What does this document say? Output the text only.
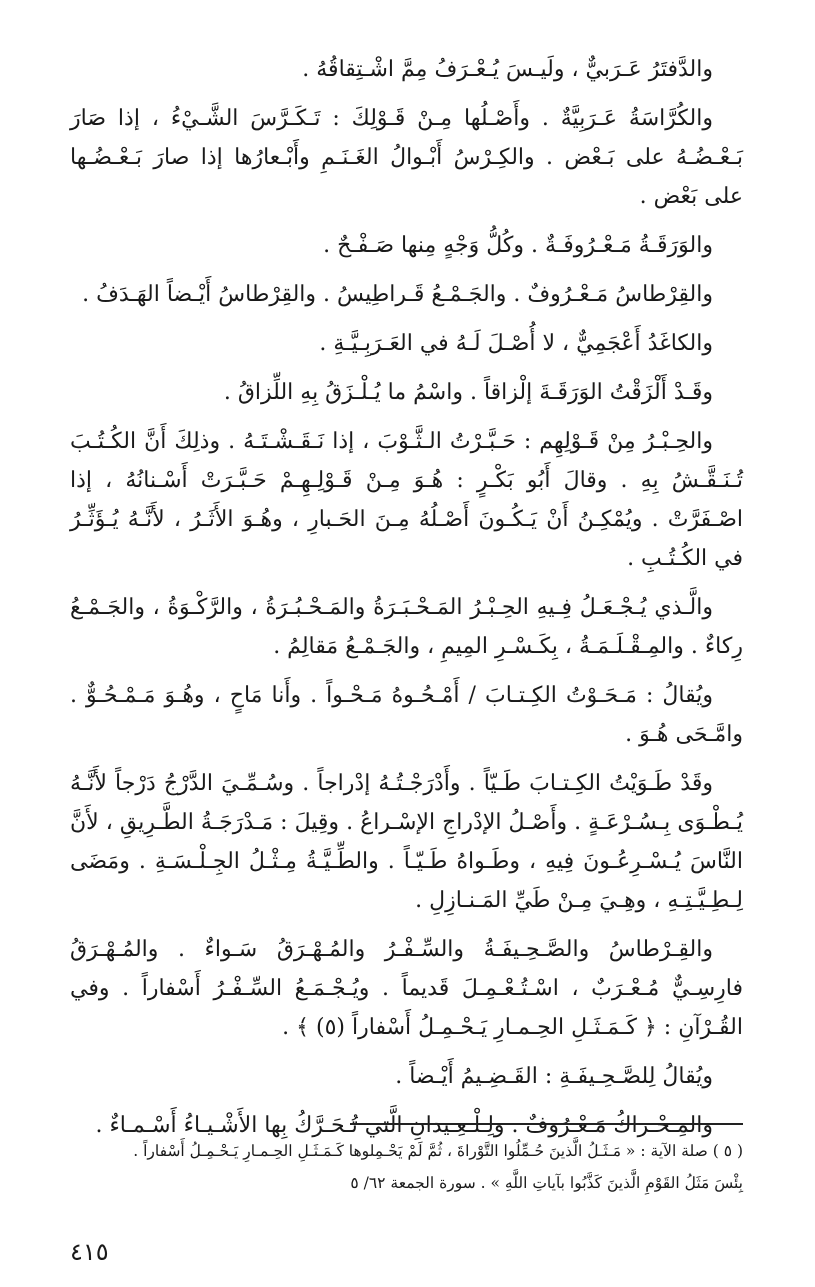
والدَّفتَرُ عَـرَبيٌّ ، ولَيـسَ يُـعْـرَفُ مِمَّ اشْـتِقاقُهُ .

والكُرَّاسَةُ عَـرَبِيَّةٌ . وأَصْـلُها مِـنْ قَـوْلِكَ : تَـكَـرَّسَ الشَّـيْءُ ، إذا صَارَ بَـعْـضُـهُ على بَـعْض . والكِـرْسُ أَبْـوالُ الغَـنَـمِ وأَبْـعارُها إذا صارَ بَـعْـضُـها على بَعْض .

والوَرَقَـةُ مَـعْـرُوفَـةٌ . وكُلُّ وَجْهٍ مِنها صَـفْـحٌ .

والقِرْطاسُ مَـعْـرُوفٌ . والجَـمْـعُ قَـراطِيسُ . والقِرْطاسُ أَيْـضاً الهَـدَفُ .

والكاغَدُ أَعْجَمِيٌّ ، لا أُصْـلَ لَـهُ في العَـرَبِـيَّـةِ .

وقَـدْ أَلْزَقْتُ الوَرَقَـةَ إلْزاقاً . واسْمُ ما يُـلْـزَقُ بِهِ اللِّزاقُ .

والحِـبْـرُ مِنْ قَـوْلِهِم : حَـبَّـرْتُ الـثَّـوْبَ ، إذا نَـقَـشْـتَـهُ . وذلِكَ أَنَّ الكُـتُـبَ تُـنَـقَّـشُ بِهِ . وقالَ أَبُو بَكْـرٍ : هُـوَ مِـنْ قَـوْلِـهِـمْ حَـبَّـرَتْ أَسْـنانُهُ ، إذا اصْـفَرَّتْ . ويُمْكِـنُ أَنْ يَـكُـونَ أَصْـلُهُ مِـنَ الحَـبارِ ، وهُـوَ الأَثَـرُ ، لأَنَّـهُ يُـؤَثِّـرُ في الكُـتُـبِ .

والَّـذي يُـجْـعَـلُ فِـيهِ الحِـبْـرُ المَـحْـبَـرَةُ والمَـحْـبُـرَةُ ، والرَّكْـوَةُ ، والجَـمْـعُ رِكاءٌ . والمِـقْـلَـمَـةُ ، بِكَـسْـرِ المِيمِ ، والجَـمْـعُ مَقالِمُ .

ويُقالُ : مَـحَـوْتُ الكِـتـابَ / أَمْـحُـوهُ مَـحْـواً . وأَنا مَاحٍ ، وهُـوَ مَـمْـحُـوٌّ . وامَّـحَى هُـوَ .

وقَدْ طَـوَيْتُ الكِـتـابَ طَـيّاً . وأَدْرَجْـتُـهُ إدْراجاً . وسُـمِّـيَ الدَّرْجُ دَرْجاً لأَنَّـهُ يُـطْـوَى بِـسُـرْعَـةٍ . وأَصْـلُ الإدْراجِ الإسْـراعُ . وقِيلَ : مَـدْرَجَـةُ الطَّـرِيقِ ، لأَنَّ النَّاسَ يُـسْـرِعُـونَ فِيهِ ، وطَـواهُ طَـيّـاً . والطِّـيَّـةُ مِـثْـلُ الجِـلْـسَـةِ . ومَضَى لِـطِـيَّـتِـهِ ، وهِـيَ مِـنْ طَيِّ المَـنـازِلِ .

والقِـرْطاسُ والصَّـحِـيفَـةُ والسِّـفْـرُ والمُـهْـرَقُ سَـواءٌ . والمُـهْـرَقُ فارِسِـيٌّ مُـعْـرَبٌ ، اسْـتُـعْـمِـلَ قَديماً . ويُـجْـمَـعُ السِّـفْـرُ أَسْفاراً . وفي القُـرْآنِ : ﴿ كَـمَـثَـلِ الحِـمـارِ يَـحْـمِـلُ أَسْفاراً (٥) ﴾ .

ويُقالُ لِلصَّـحِـيفَـةِ : القَـضِـيمُ أَيْـضاً .

والمِـحْـراكُ مَـعْـرُوفٌ . ولِـلْـعِـيدانِ الَّتي تُـحَـرَّكُ بِها الأَشْـيـاءُ أَسْـمـاءٌ .

( ٥ ) صلة الآية : « مَـثَـلُ الَّذينَ حُـمِّلُوا التَّوْراةَ ، ثُمَّ لَمْ يَحْـمِلوها كَـمَـثَـلِ الحِـمـارِ يَـحْـمِـلُ أَسْفاراً .
بِئْسَ مَثَلُ القَوْمِ الَّذينَ كَذَّبُوا بآياتِ اللَّهِ » . سورة الجمعة ٦٢/ ٥
٤١٥
